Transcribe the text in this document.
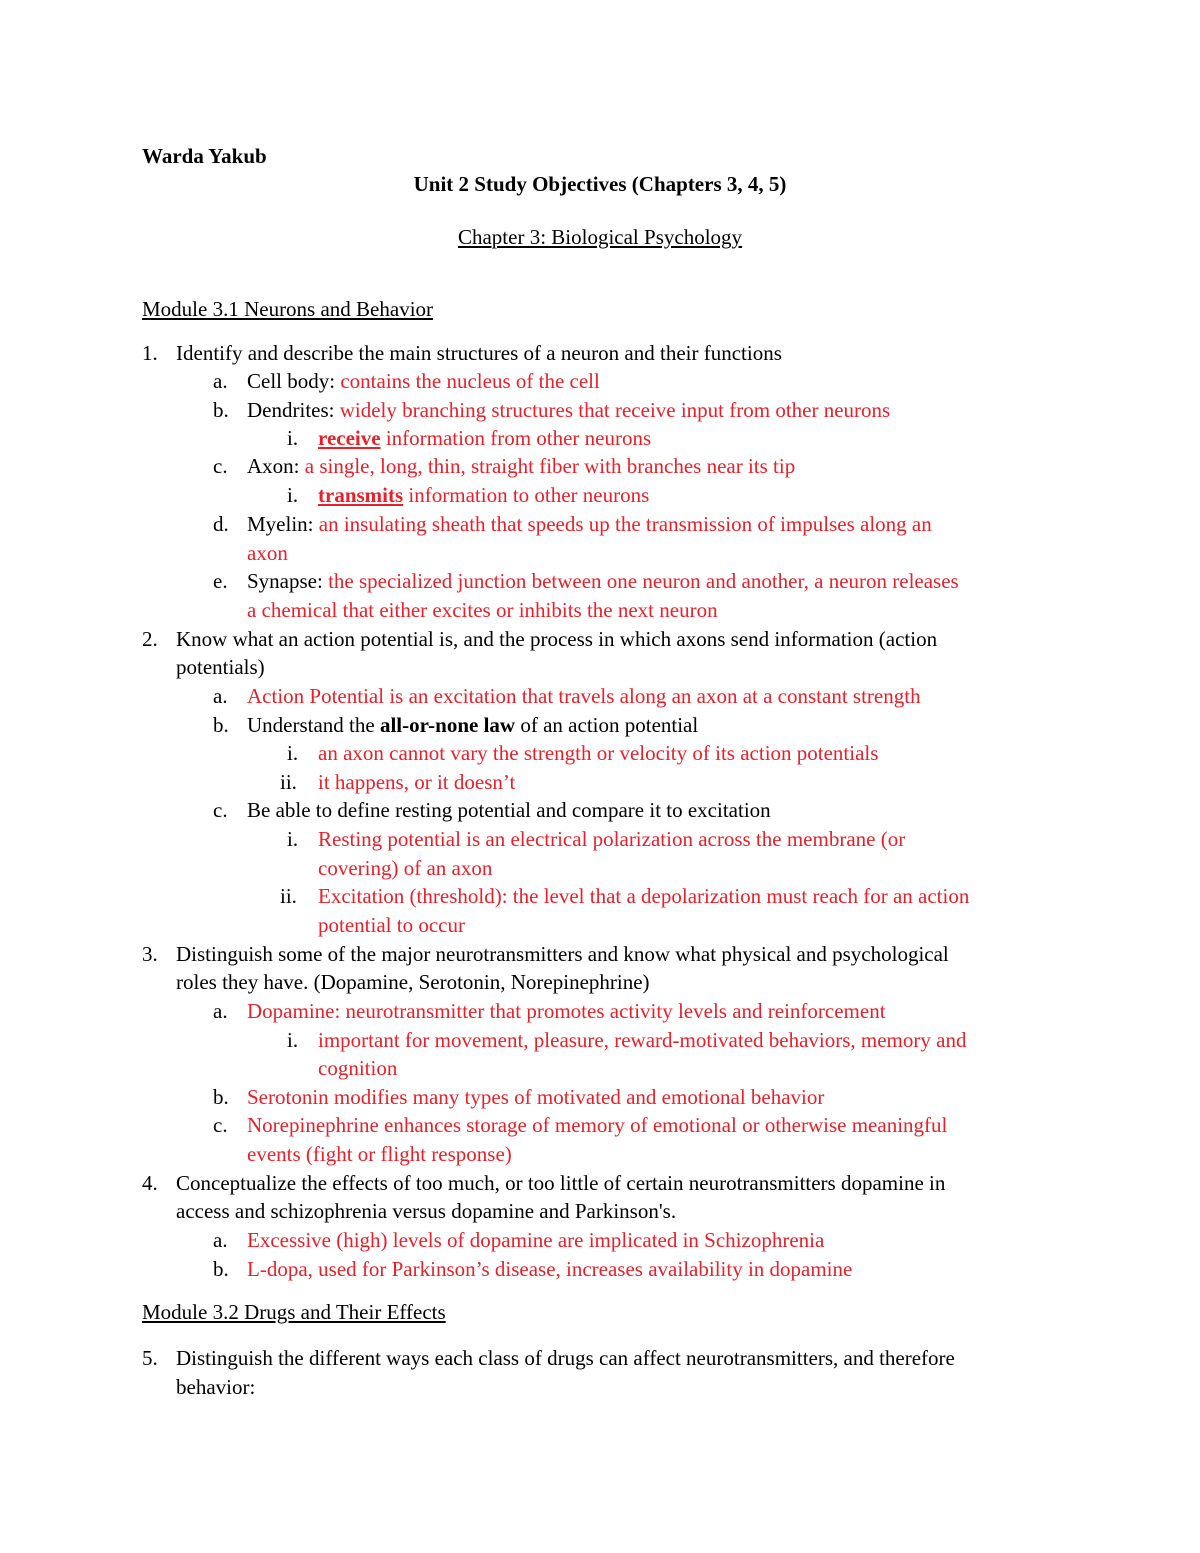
Warda Yakub
Unit 2 Study Objectives (Chapters 3, 4, 5)
Chapter 3: Biological Psychology
Module 3.1 Neurons and Behavior
1. Identify and describe the main structures of a neuron and their functions
a. Cell body: contains the nucleus of the cell
b. Dendrites: widely branching structures that receive input from other neurons
i. receive information from other neurons
c. Axon: a single, long, thin, straight fiber with branches near its tip
i. transmits information to other neurons
d. Myelin: an insulating sheath that speeds up the transmission of impulses along an
axon
e. Synapse: the specialized junction between one neuron and another, a neuron releases
a chemical that either excites or inhibits the next neuron
2. Know what an action potential is, and the process in which axons send information (action
potentials)
a. Action Potential is an excitation that travels along an axon at a constant strength
b. Understand the all-or-none law of an action potential
i. an axon cannot vary the strength or velocity of its action potentials
ii. it happens, or it doesn’t
c. Be able to define resting potential and compare it to excitation
i. Resting potential is an electrical polarization across the membrane (or
covering) of an axon
ii. Excitation (threshold): the level that a depolarization must reach for an action
potential to occur
3. Distinguish some of the major neurotransmitters and know what physical and psychological
roles they have. (Dopamine, Serotonin, Norepinephrine)
a. Dopamine: neurotransmitter that promotes activity levels and reinforcement
i. important for movement, pleasure, reward-motivated behaviors, memory and
cognition
b. Serotonin modifies many types of motivated and emotional behavior
c. Norepinephrine enhances storage of memory of emotional or otherwise meaningful
events (fight or flight response)
4. Conceptualize the effects of too much, or too little of certain neurotransmitters dopamine in
access and schizophrenia versus dopamine and Parkinson's.
a. Excessive (high) levels of dopamine are implicated in Schizophrenia
b. L-dopa, used for Parkinson’s disease, increases availability in dopamine
Module 3.2 Drugs and Their Effects
5. Distinguish the different ways each class of drugs can affect neurotransmitters, and therefore
behavior:
